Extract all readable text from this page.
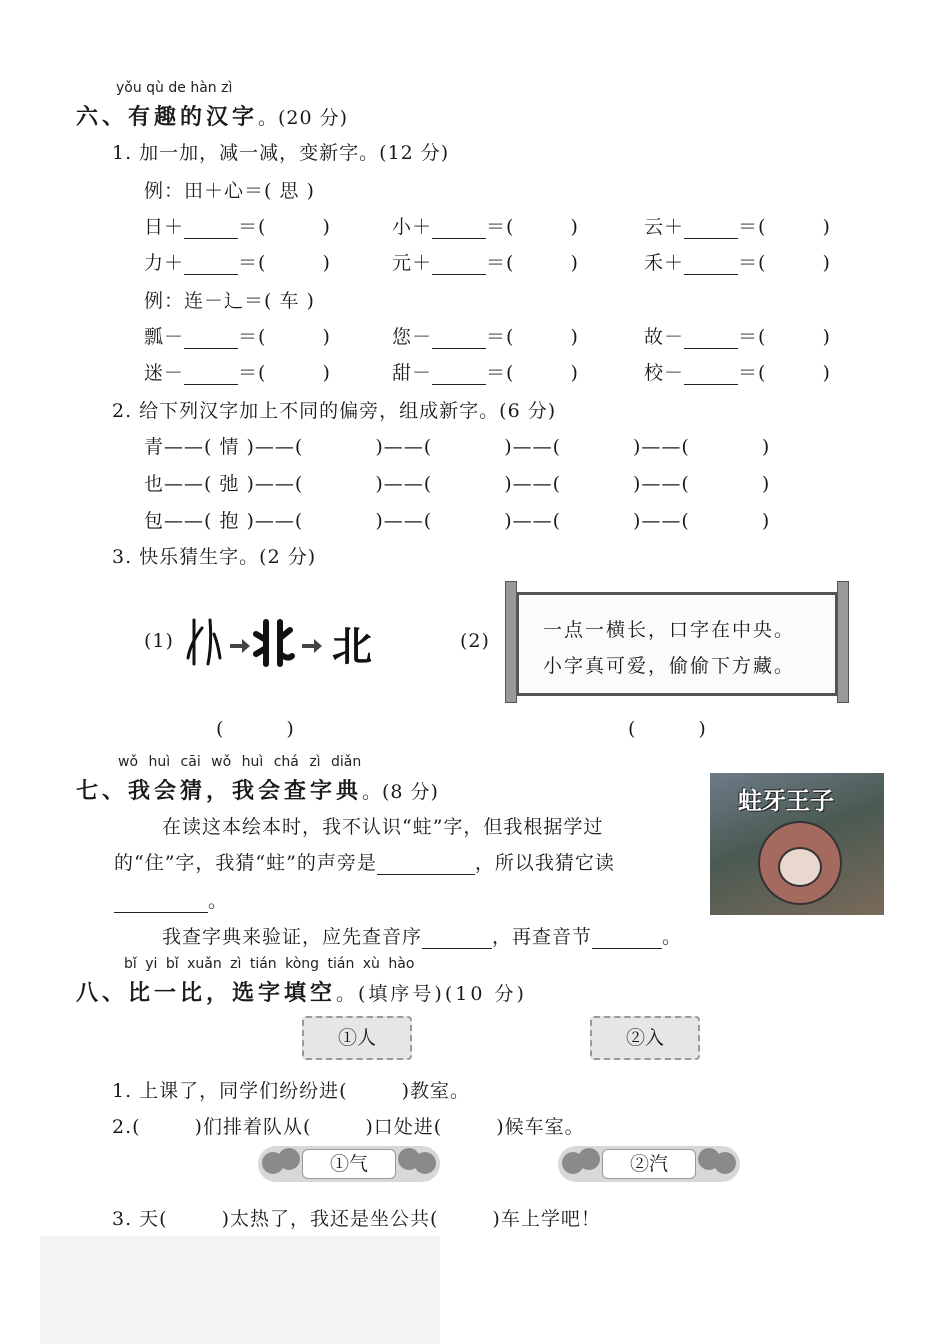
yǒu qù de hàn zì
六、有趣的汉字。(20 分)
1. 加一加，减一减，变新字。(12 分)
例：田＋心＝( 思 )
日＋	＝(	)	小＋	＝(	)	云＋	＝(	)
力＋	＝(	)	元＋	＝(	)	禾＋	＝(	)
例：连－辶＝( 车 )
瓢－	＝(	)	您－	＝(	)	故－	＝(	)
迷－	＝(	)	甜－	＝(	)	校－	＝(	)
2. 给下列汉字加上不同的偏旁，组成新字。(6 分)
青——( 情 )——(	)——(	)——(	)——(	)
也——( 弛 )——(	)——(	)——(	)——(	)
包——( 抱 )——(	)——(	)——(	)——(	)
3. 快乐猜生字。(2 分)
(1)	北	(2)	一点一横长，口字在中央。
小字真可爱，偷偷下方藏。
(	)	(	)
wǒ huì cāi wǒ huì chá zì diǎn
七、我会猜，我会查字典。(8 分)
在读这本绘本时，我不认识“蛀”字，但我根据学过
的“住”字，我猜“蛀”的声旁是	，所以我猜它读
。
我查字典来验证，应先查音序	，再查音节	。
蛀牙王子
bǐ yi bǐ xuǎn zì tián kòng tián xù hào
八、比一比，选字填空。(填序号)(10 分)
①人	②入
1. 上课了，同学们纷纷进(	)教室。
2.(	)们排着队从(	)口处进(	)候车室。
①气	②汽
3. 天(	)太热了，我还是坐公共(	)车上学吧！
